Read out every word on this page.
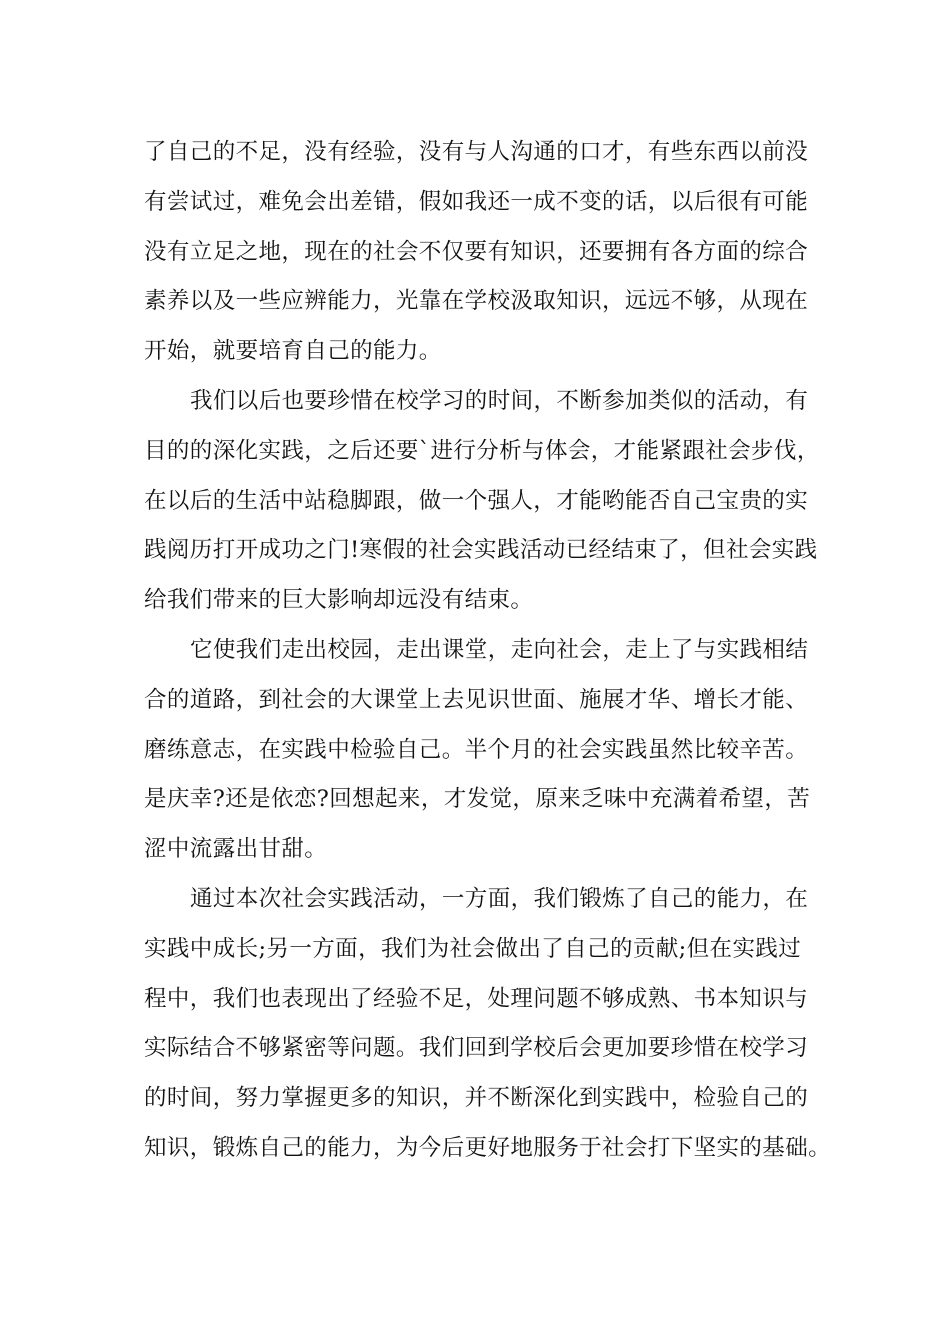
了自己的不足，没有经验，没有与人沟通的口才，有些东西以前没
有尝试过，难免会出差错，假如我还一成不变的话，以后很有可能
没有立足之地，现在的社会不仅要有知识，还要拥有各方面的综合
素养以及一些应辨能力，光靠在学校汲取知识，远远不够，从现在
开始，就要培育自己的能力。
我们以后也要珍惜在校学习的时间，不断参加类似的活动，有
目的的深化实践，之后还要`进行分析与体会，才能紧跟社会步伐，
在以后的生活中站稳脚跟，做一个强人，才能哟能否自己宝贵的实
践阅历打开成功之门!寒假的社会实践活动已经结束了，但社会实践
给我们带来的巨大影响却远没有结束。
它使我们走出校园，走出课堂，走向社会，走上了与实践相结
合的道路，到社会的大课堂上去见识世面、施展才华、增长才能、
磨练意志，在实践中检验自己。半个月的社会实践虽然比较辛苦。
是庆幸?还是依恋?回想起来，才发觉，原来乏味中充满着希望，苦
涩中流露出甘甜。
通过本次社会实践活动，一方面，我们锻炼了自己的能力，在
实践中成长;另一方面，我们为社会做出了自己的贡献;但在实践过
程中，我们也表现出了经验不足，处理问题不够成熟、书本知识与
实际结合不够紧密等问题。我们回到学校后会更加要珍惜在校学习
的时间，努力掌握更多的知识，并不断深化到实践中，检验自己的
知识，锻炼自己的能力，为今后更好地服务于社会打下坚实的基础。
